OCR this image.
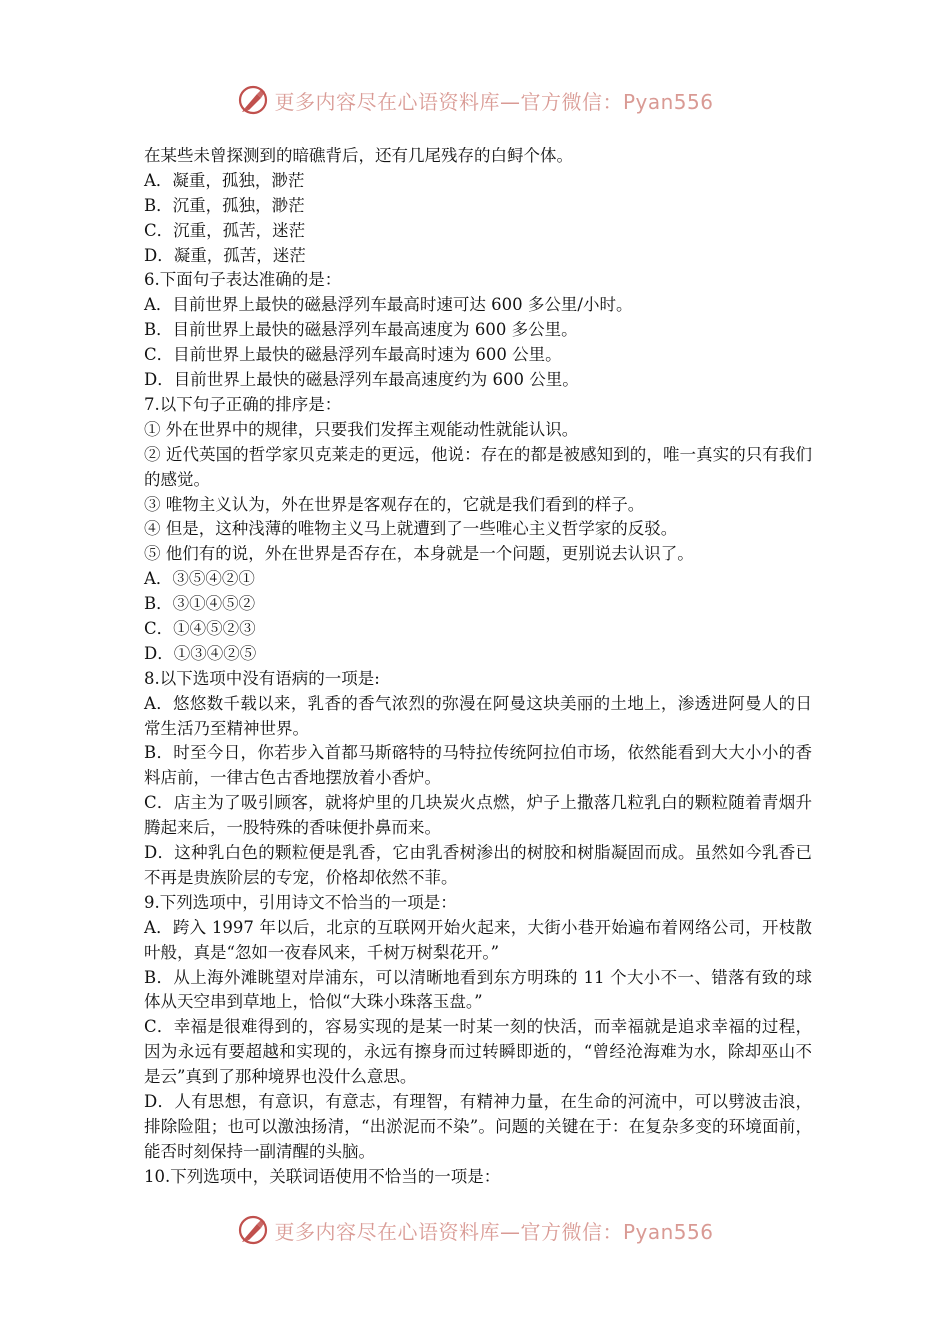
更多内容尽在心语资料库—官方微信：Pyan556
在某些未曾探测到的暗礁背后，还有几尾残存的白鲟个体。
A．凝重，孤独，渺茫
B．沉重，孤独，渺茫
C．沉重，孤苦，迷茫
D．凝重，孤苦，迷茫
6.下面句子表达准确的是：
A．目前世界上最快的磁悬浮列车最高时速可达 600 多公里/小时。
B．目前世界上最快的磁悬浮列车最高速度为 600 多公里。
C．目前世界上最快的磁悬浮列车最高时速为 600 公里。
D．目前世界上最快的磁悬浮列车最高速度约为 600 公里。
7.以下句子正确的排序是：
① 外在世界中的规律，只要我们发挥主观能动性就能认识。
② 近代英国的哲学家贝克莱走的更远，他说：存在的都是被感知到的，唯一真实的只有我们的感觉。
③ 唯物主义认为，外在世界是客观存在的，它就是我们看到的样子。
④ 但是，这种浅薄的唯物主义马上就遭到了一些唯心主义哲学家的反驳。
⑤ 他们有的说，外在世界是否存在，本身就是一个问题，更别说去认识了。
A．③⑤④②①
B．③①④⑤②
C．①④⑤②③
D．①③④②⑤
8.以下选项中没有语病的一项是:
A．悠悠数千载以来，乳香的香气浓烈的弥漫在阿曼这块美丽的土地上，渗透进阿曼人的日常生活乃至精神世界。
B．时至今日，你若步入首都马斯碦特的马特拉传统阿拉伯市场，依然能看到大大小小的香料店前，一律古色古香地摆放着小香炉。
C．店主为了吸引顾客，就将炉里的几块炭火点燃，炉子上撒落几粒乳白的颗粒随着青烟升腾起来后，一股特殊的香味便扑鼻而来。
D．这种乳白色的颗粒便是乳香，它由乳香树渗出的树胶和树脂凝固而成。虽然如今乳香已不再是贵族阶层的专宠，价格却依然不菲。
9.下列选项中，引用诗文不恰当的一项是：
A．跨入 1997 年以后，北京的互联网开始火起来，大街小巷开始遍布着网络公司，开枝散叶般，真是“忽如一夜春风来，千树万树梨花开。”
B．从上海外滩眺望对岸浦东，可以清晰地看到东方明珠的 11 个大小不一、错落有致的球体从天空串到草地上，恰似“大珠小珠落玉盘。”
C．幸福是很难得到的，容易实现的是某一时某一刻的快活，而幸福就是追求幸福的过程，因为永远有要超越和实现的，永远有擦身而过转瞬即逝的，“曾经沧海难为水，除却巫山不是云”真到了那种境界也没什么意思。
D．人有思想，有意识，有意志，有理智，有精神力量，在生命的河流中，可以劈波击浪，排除险阻；也可以激浊扬清，“出淤泥而不染”。问题的关键在于：在复杂多变的环境面前，能否时刻保持一副清醒的头脑。
10.下列选项中，关联词语使用不恰当的一项是：
更多内容尽在心语资料库—官方微信：Pyan556
